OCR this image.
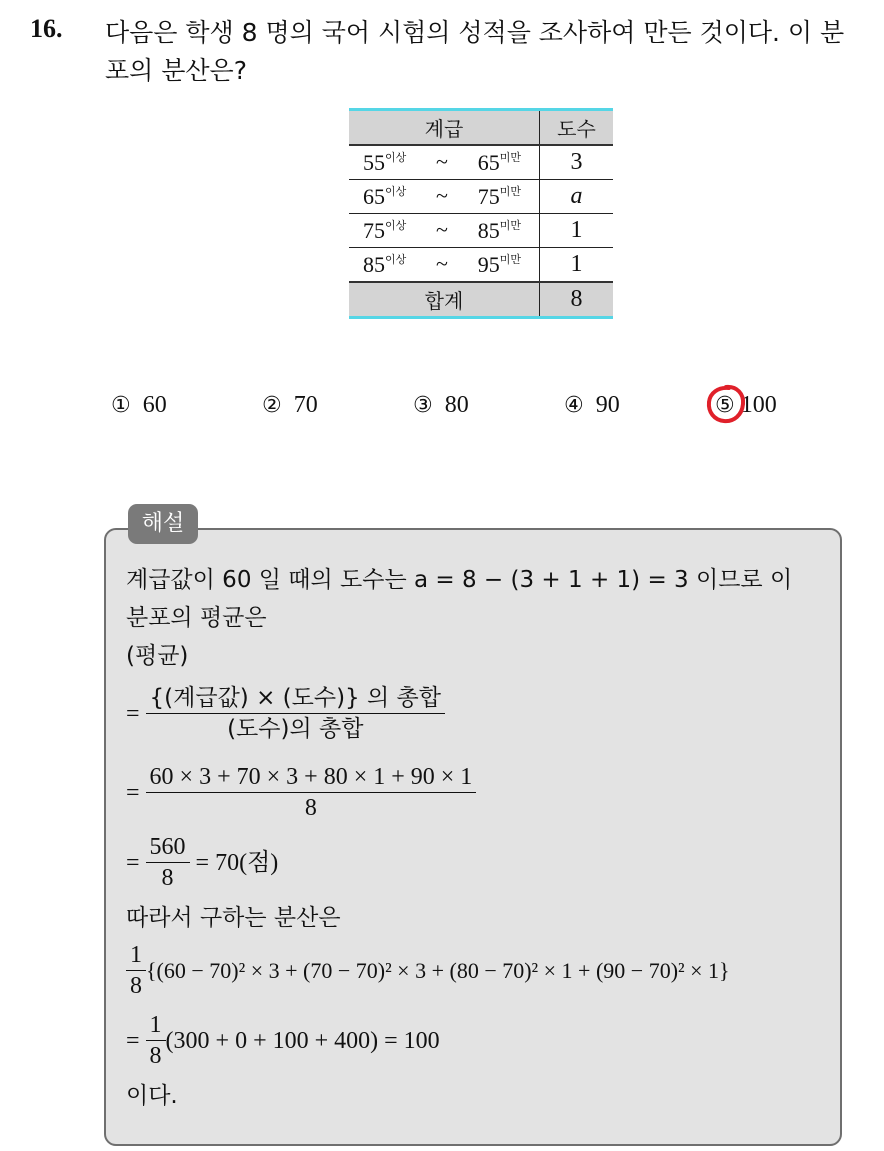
16. 다음은 학생 8 명의 국어 시험의 성적을 조사하여 만든 것이다. 이 분포의 분산은?
계급	도수

$55^{이상}$ ~ $65^{미만}$	3

$65^{이상}$ ~ $75^{미만}$	a

$75^{이상}$ ~ $85^{미만}$	1

$85^{이상}$ ~ $95^{미만}$	1
합계	8
① 60	② 70	③ 80	④ 90	⑤ 100
해설
계급값이 60 일 때의 도수는 a = 8 − (3 + 1 + 1) = 3 이므로 이
분포의 평균은
(평균)
= $\frac{\text{\{(계급값) × (도수)\} 의 총합}}{\text{(도수)의 총합}}$
= $\frac{60 \times 3 + 70 \times 3 + 80 \times 1 + 90 \times 1}{8}$
= $\frac{560}{8} = 70$(점)
따라서 구하는 분산은
$\frac{1}{8} \{(60 - 70)^2 \times 3 + (70 - 70)^2 \times 3 + (80 - 70)^2 \times 1 + (90 - 70)^2 \times 1\}$
= $\frac{1}{8} (300 + 0 + 100 + 400) = 100$
이다.
